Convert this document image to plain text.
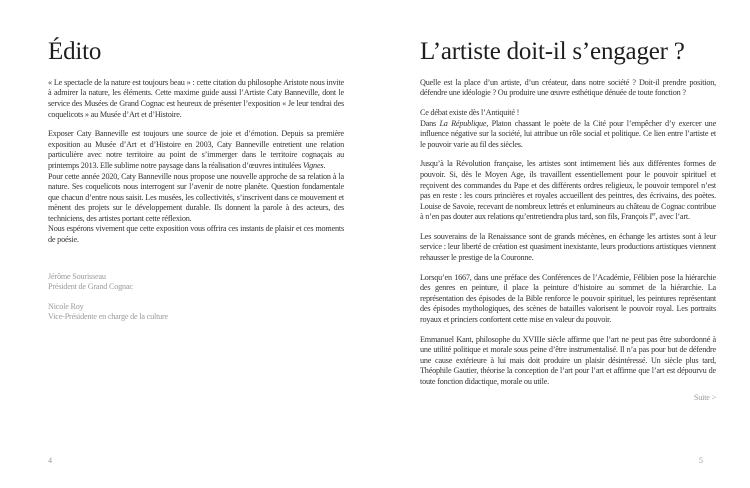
Édito

« Le spectacle de la nature est toujours beau » : cette citation du philosophe Aristote nous invite à admirer la nature, les éléments. Cette maxime guide aussi l’Artiste Caty Banneville, dont le service des Musées de Grand Cognac est heureux de présenter l’exposition « Je leur tendrai des coquelicots » au Musée d’Art et d’Histoire.

Exposer Caty Banneville est toujours une source de joie et d’émotion. Depuis sa première exposition au Musée d’Art et d’Histoire en 2003, Caty Banneville entretient une relation particulière avec notre territoire au point de s’immerger dans le territoire cognaçais au printemps 2013. Elle sublime notre paysage dans la réalisation d’œuvres intitulées Vignes.

Pour cette année 2020, Caty Banneville nous propose une nouvelle approche de sa relation à la nature. Ses coquelicots nous interrogent sur l’avenir de notre planète. Question fondamentale que chacun d’entre nous saisit. Les musées, les collectivités, s’inscrivent dans ce mouvement et mènent des projets sur le développement durable. Ils donnent la parole à des acteurs, des techniciens, des artistes portant cette réflexion.

Nous espérons vivement que cette exposition vous offrira ces instants de plaisir et ces moments de poésie.

Jérôme Sourisseau
Président de Grand Cognac
Nicole Roy
Vice-Présidente en charge de la culture
L’artiste doit-il s’engager ?

Quelle est la place d’un artiste, d’un créateur, dans notre société ? Doit-il prendre position, défendre une idéologie ? Ou produire une œuvre esthétique dénuée de toute fonction ?

Ce débat existe dès l’Antiquité !

Dans La République, Platon chassant le poète de la Cité pour l’empêcher d’y exercer une influence négative sur la société, lui attribue un rôle social et politique. Ce lien entre l’artiste et le pouvoir varie au fil des siècles.

Jusqu’à la Révolution française, les artistes sont intimement liés aux différentes formes de pouvoir. Si, dès le Moyen Age, ils travaillent essentiellement pour le pouvoir spirituel et reçoivent des commandes du Pape et des différents ordres religieux, le pouvoir temporel n’est pas en reste : les cours princières et royales accueillent des peintres, des écrivains, des poètes. Louise de Savoie, recevant de nombreux lettrés et enlumineurs au château de Cognac contribue à n’en pas douter aux relations qu’entretiendra plus tard, son fils, François Ier, avec l’art.

Les souverains de la Renaissance sont de grands mécènes, en échange les artistes sont à leur service : leur liberté de création est quasiment inexistante, leurs productions artistiques viennent rehausser le prestige de la Couronne.

Lorsqu’en 1667, dans une préface des Conférences de l’Académie, Félibien pose la hiérarchie des genres en peinture, il place la peinture d’histoire au sommet de la hiérarchie. La représentation des épisodes de la Bible renforce le pouvoir spirituel, les peintures représentant des épisodes mythologiques, des scènes de batailles valorisent le pouvoir royal. Les portraits royaux et princiers confortent cette mise en valeur du pouvoir.

Emmanuel Kant, philosophe du XVIIIe siècle affirme que l’art ne peut pas être subordonné à une utilité politique et morale sous peine d’être instrumentalisé. Il n’a pas pour but de défendre une cause extérieure à lui mais doit produire un plaisir désintéressé. Un siècle plus tard, Théophile Gautier, théorise la conception de l’art pour l’art et affirme que l’art est dépourvu de toute fonction didactique, morale ou utile.

Suite >
4	5
